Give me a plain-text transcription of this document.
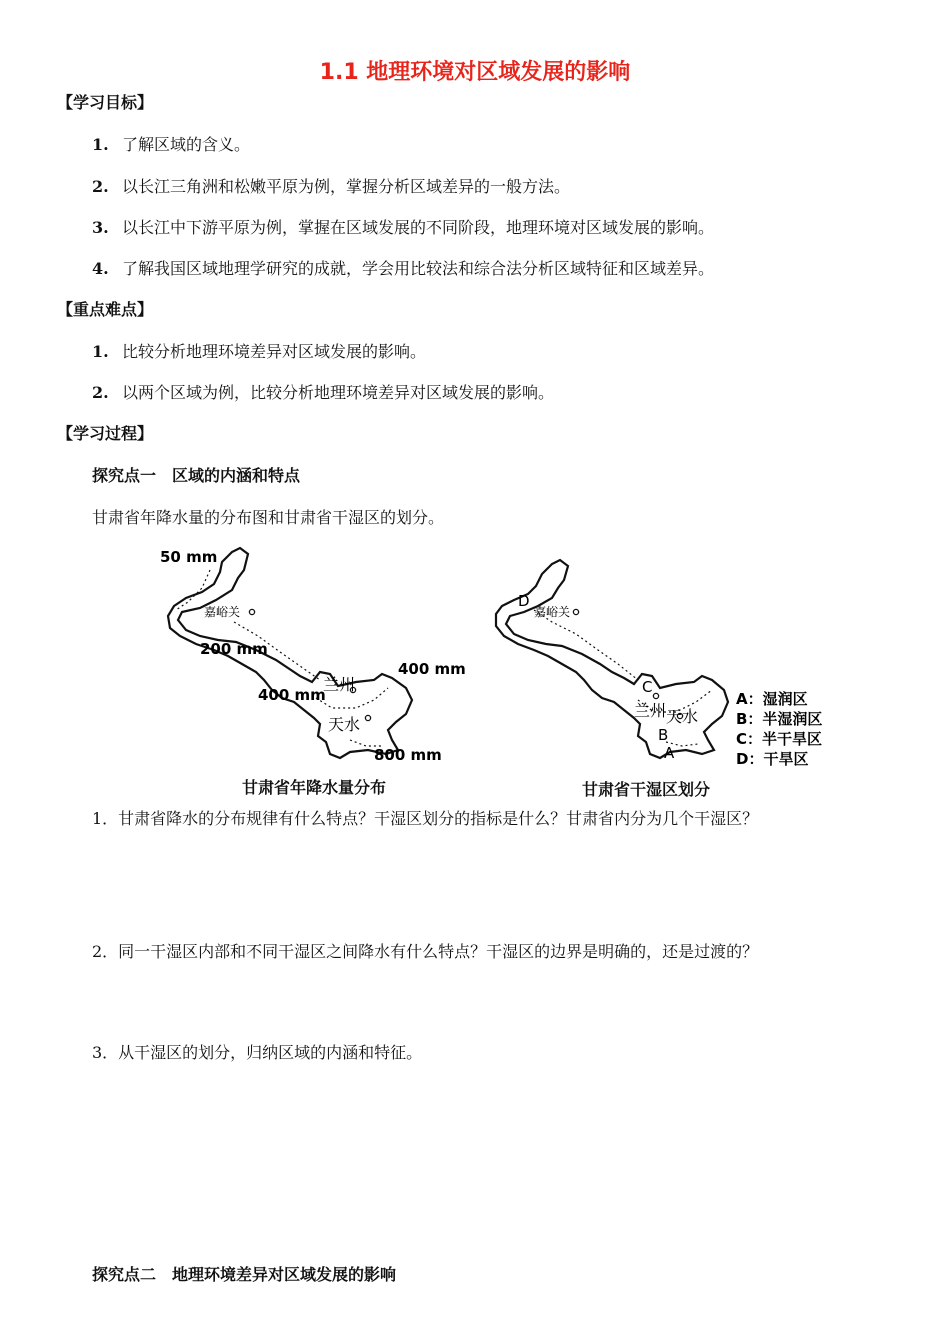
1.1 地理环境对区域发展的影响
【学习目标】
1. 了解区域的含义。
2. 以长江三角洲和松嫩平原为例，掌握分析区域差异的一般方法。
3. 以长江中下游平原为例，掌握在区域发展的不同阶段，地理环境对区域发展的影响。
4. 了解我国区域地理学研究的成就，学会用比较法和综合法分析区域特征和区域差异。
【重点难点】
1. 比较分析地理环境差异对区域发展的影响。
2. 以两个区域为例，比较分析地理环境差异对区域发展的影响。
【学习过程】
探究点一　区域的内涵和特点
甘肃省年降水量的分布图和甘肃省干湿区的划分。
50 mm
嘉峪关
200 mm
400 mm
兰州
400 mm
天水
800 mm
甘肃省年降水量分布
D
嘉峪关
C
兰州 天水
B
A
A：湿润区
B：半湿润区
C：半干旱区
D：干旱区
甘肃省干湿区划分
1．甘肃省降水的分布规律有什么特点？干湿区划分的指标是什么？甘肃省内分为几个干湿区？
2．同一干湿区内部和不同干湿区之间降水有什么特点？干湿区的边界是明确的，还是过渡的？
3．从干湿区的划分，归纳区域的内涵和特征。
探究点二　地理环境差异对区域发展的影响
